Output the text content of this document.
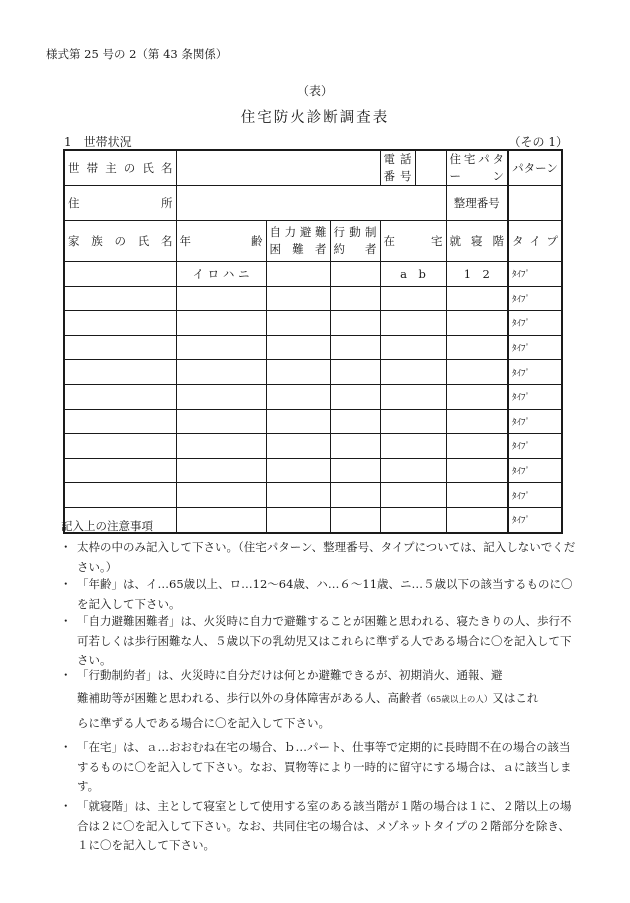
様式第 25 号の 2（第 43 条関係）
（表）
住宅防火診断調査表
1　世帯状況	（その 1）
世帯主の氏名				電話番号	住宅パターン	パターン
住所					整理番号	
家族の氏名	年齢	自力避難困難者	行動制約者	在宅	就寝階	タイプ
	イ ロ ハ ニ			a　b	1　2	ﾀｲﾌﾟ
						ﾀｲﾌﾟ
						ﾀｲﾌﾟ
						ﾀｲﾌﾟ
						ﾀｲﾌﾟ
						ﾀｲﾌﾟ
						ﾀｲﾌﾟ
						ﾀｲﾌﾟ
						ﾀｲﾌﾟ
						ﾀｲﾌﾟ
						ﾀｲﾌﾟ
記入上の注意事項
・ 太枠の中のみ記入して下さい。（住宅パターン、整理番号、タイプについては、記入しないでください。）
・ 「年齢」は、イ…65歳以上、ロ…12～64歳、ハ…６～11歳、ニ…５歳以下の該当するものに〇を記入して下さい。
・ 「自力避難困難者」は、火災時に自力で避難することが困難と思われる、寝たきりの人、歩行不可若しくは歩行困難な人、５歳以下の乳幼児又はこれらに準ずる人である場合に〇を記入して下さい。
・ 「行動制約者」は、火災時に自分だけは何とか避難できるが、初期消火、通報、避
難補助等が困難と思われる、歩行以外の身体障害がある人、高齢者（65歳以上の人）又はこれ
らに準ずる人である場合に〇を記入して下さい。
・ 「在宅」は、ａ…おおむね在宅の場合、ｂ…パート、仕事等で定期的に長時間不在の場合の該当するものに〇を記入して下さい。なお、買物等により一時的に留守にする場合は、ａに該当します。
・ 「就寝階」は、主として寝室として使用する室のある該当階が１階の場合は１に、２階以上の場合は２に〇を記入して下さい。なお、共同住宅の場合は、メゾネットタイプの２階部分を除き、１に〇を記入して下さい。
